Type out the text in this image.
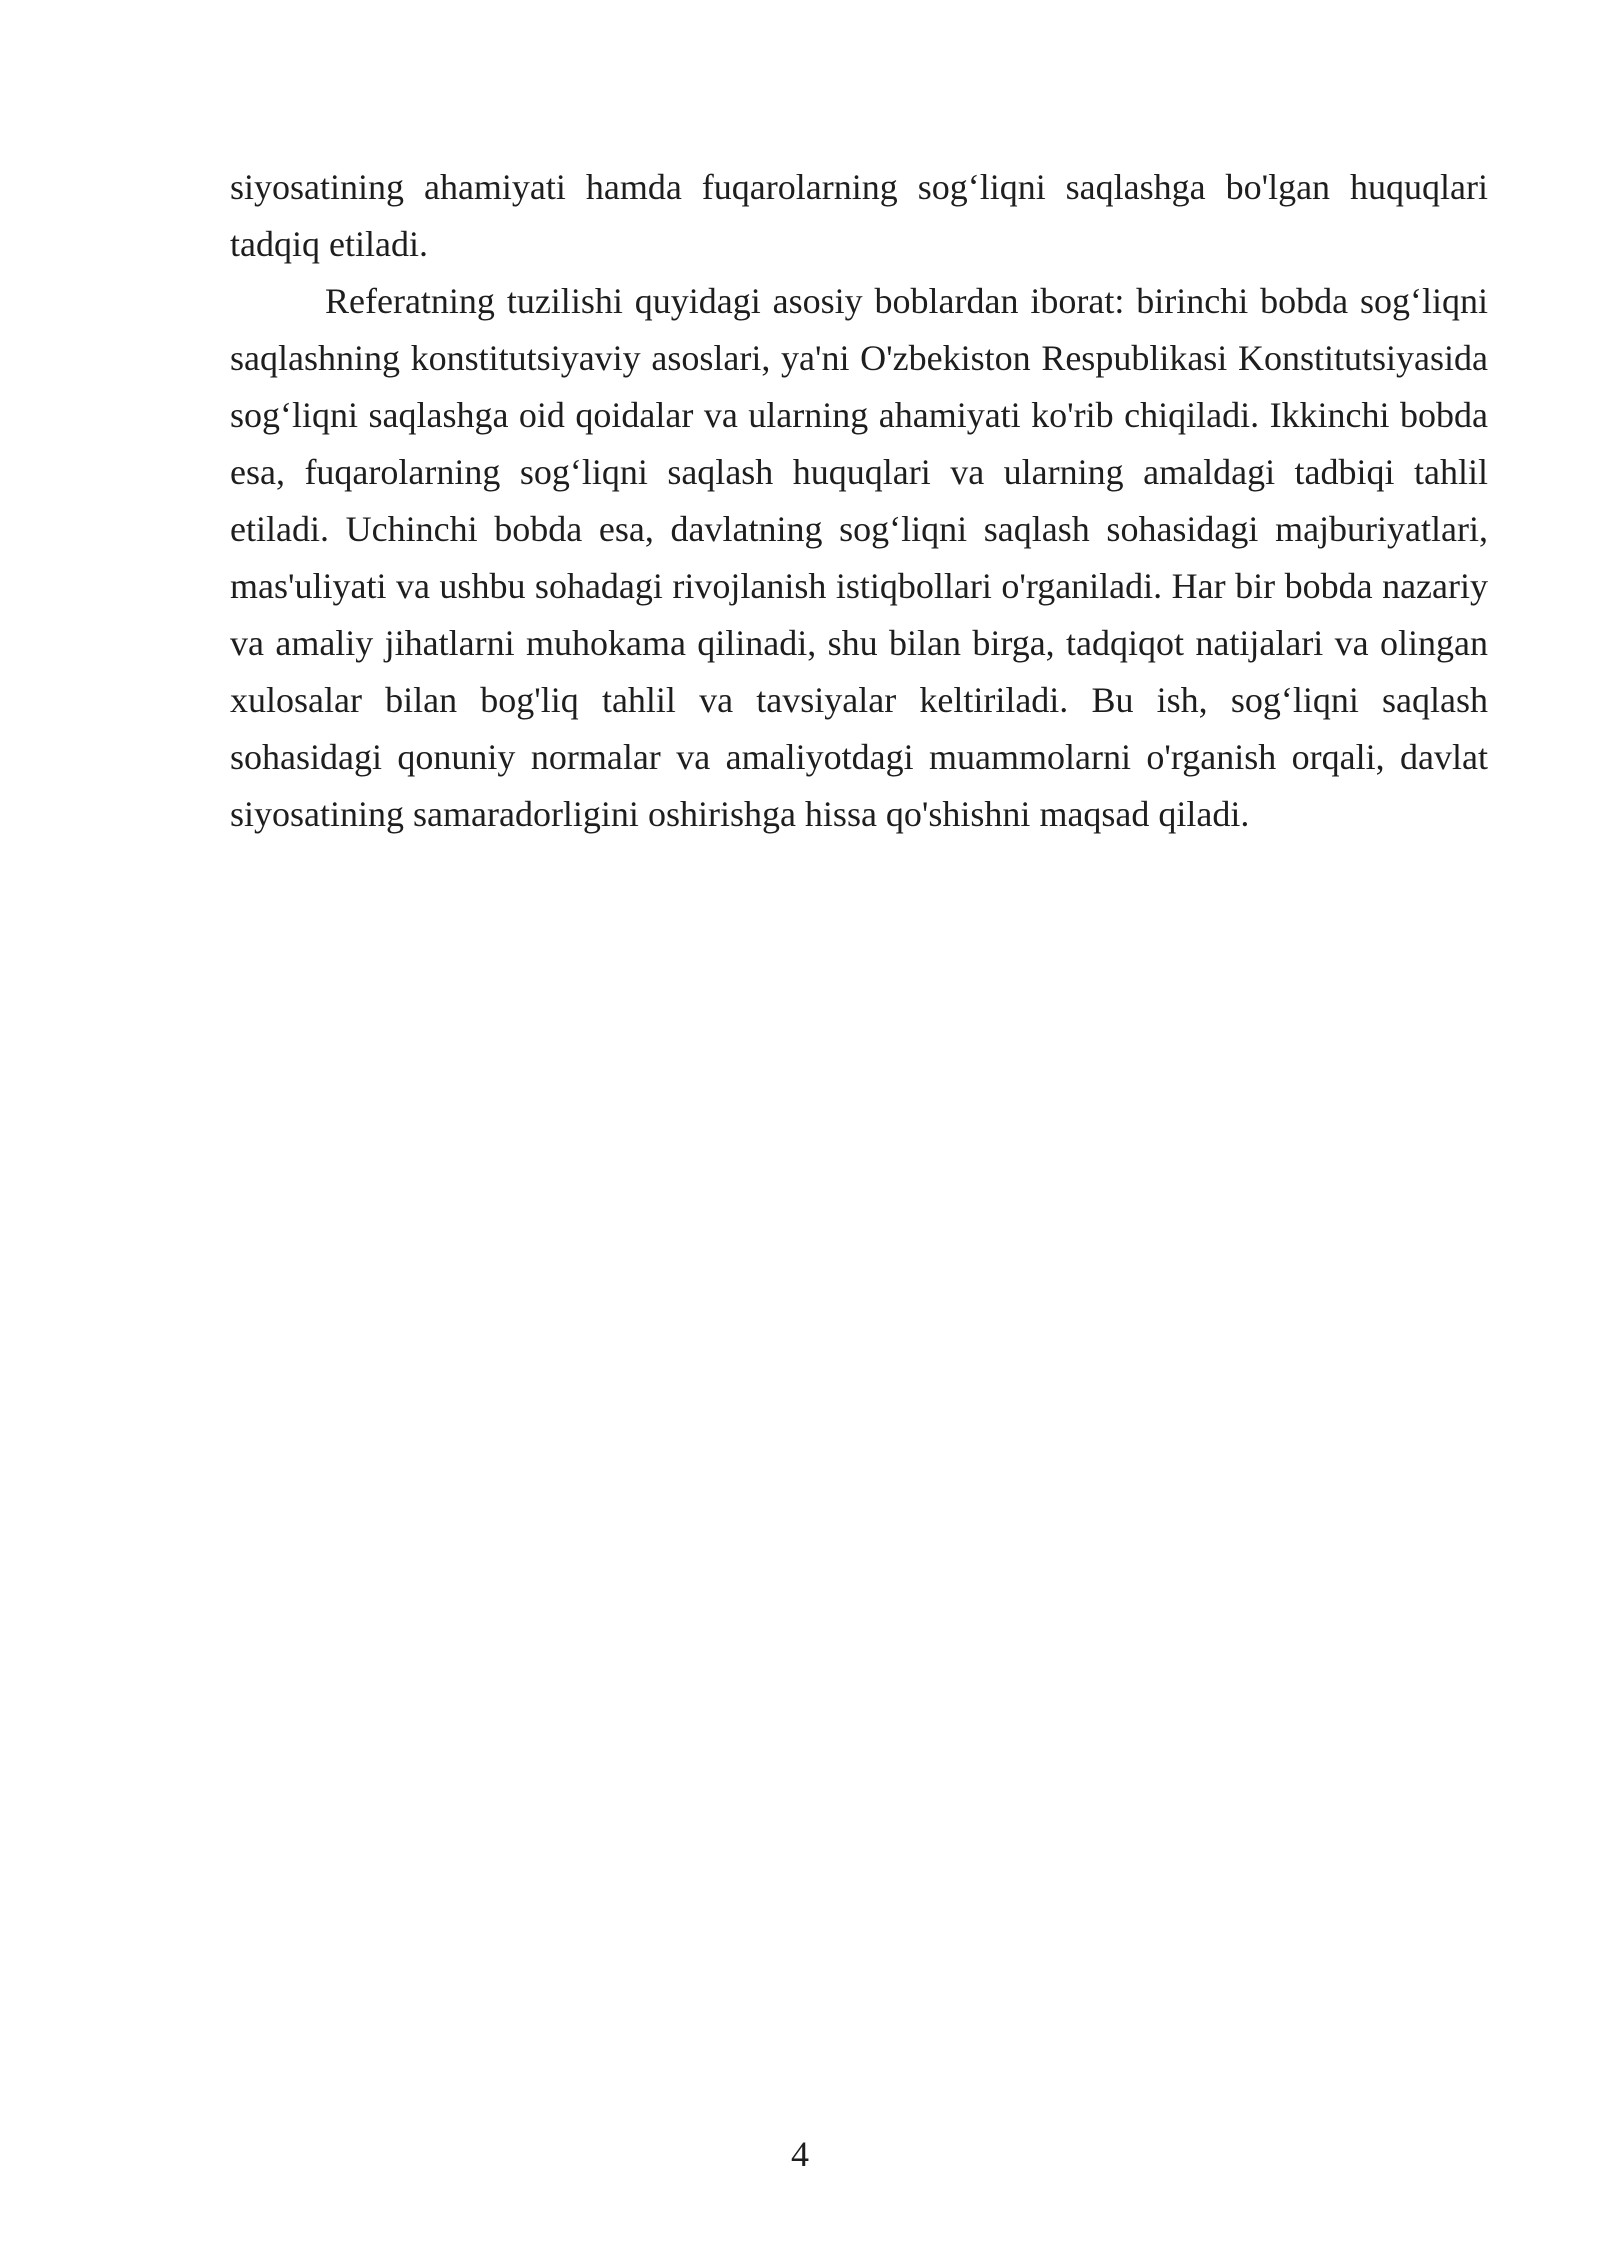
siyosatining ahamiyati hamda fuqarolarning sog‘liqni saqlashga bo'lgan huquqlari tadqiq etiladi.

Referatning tuzilishi quyidagi asosiy boblardan iborat: birinchi bobda sog‘liqni saqlashning konstitutsiyaviy asoslari, ya'ni O'zbekiston Respublikasi Konstitutsiyasida sog‘liqni saqlashga oid qoidalar va ularning ahamiyati ko'rib chiqiladi. Ikkinchi bobda esa, fuqarolarning sog‘liqni saqlash huquqlari va ularning amaldagi tadbiqi tahlil etiladi. Uchinchi bobda esa, davlatning sog‘liqni saqlash sohasidagi majburiyatlari, mas'uliyati va ushbu sohadagi rivojlanish istiqbollari o'rganiladi. Har bir bobda nazariy va amaliy jihatlarni muhokama qilinadi, shu bilan birga, tadqiqot natijalari va olingan xulosalar bilan bog'liq tahlil va tavsiyalar keltiriladi. Bu ish, sog‘liqni saqlash sohasidagi qonuniy normalar va amaliyotdagi muammolarni o'rganish orqali, davlat siyosatining samaradorligini oshirishga hissa qo'shishni maqsad qiladi.

4
